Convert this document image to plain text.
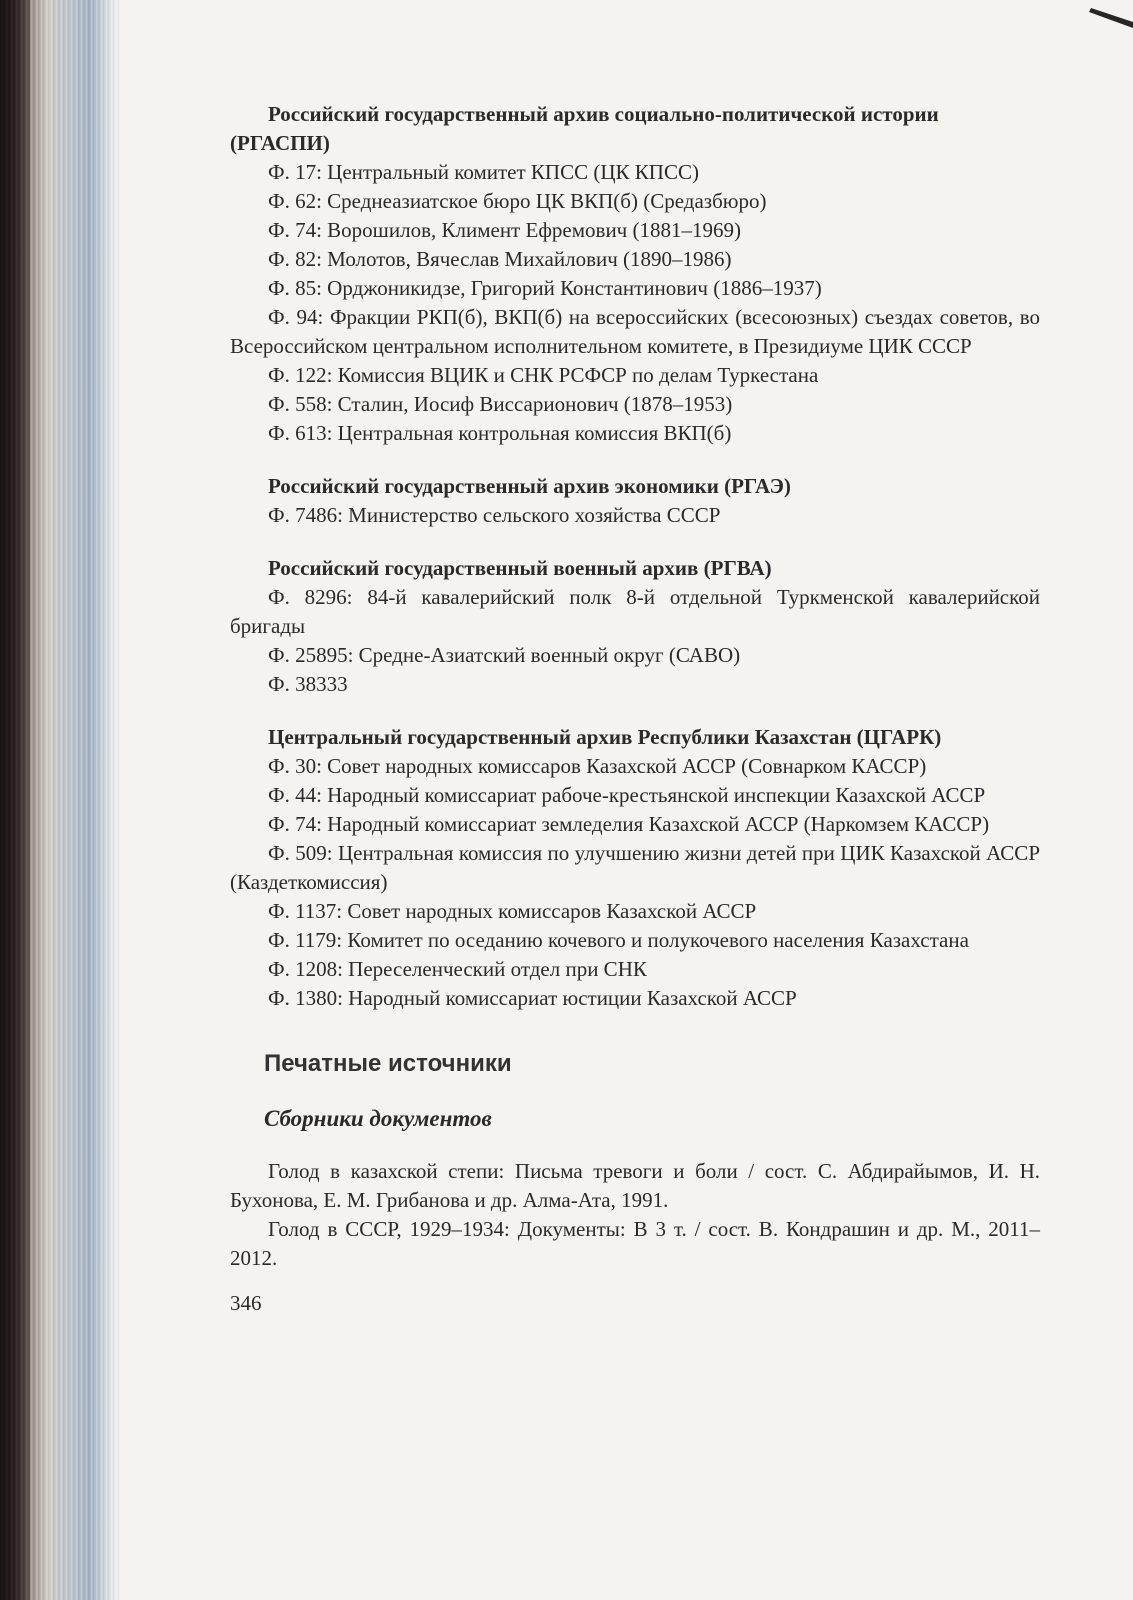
Российский государственный архив социально-политической истории (РГАСПИ)
Ф. 17: Центральный комитет КПСС (ЦК КПСС)
Ф. 62: Среднеазиатское бюро ЦК ВКП(б) (Средазбюро)
Ф. 74: Ворошилов, Климент Ефремович (1881–1969)
Ф. 82: Молотов, Вячеслав Михайлович (1890–1986)
Ф. 85: Орджоникидзе, Григорий Константинович (1886–1937)
Ф. 94: Фракции РКП(б), ВКП(б) на всероссийских (всесоюзных) съездах советов, во Всероссийском центральном исполнительном комитете, в Президиуме ЦИК СССР
Ф. 122: Комиссия ВЦИК и СНК РСФСР по делам Туркестана
Ф. 558: Сталин, Иосиф Виссарионович (1878–1953)
Ф. 613: Центральная контрольная комиссия ВКП(б)
Российский государственный архив экономики (РГАЭ)
Ф. 7486: Министерство сельского хозяйства СССР
Российский государственный военный архив (РГВА)
Ф. 8296: 84-й кавалерийский полк 8-й отдельной Туркменской кавалерийской бригады
Ф. 25895: Средне-Азиатский военный округ (САВО)
Ф. 38333
Центральный государственный архив Республики Казахстан (ЦГАРК)
Ф. 30: Совет народных комиссаров Казахской АССР (Совнарком КАССР)
Ф. 44: Народный комиссариат рабоче-крестьянской инспекции Казахской АССР
Ф. 74: Народный комиссариат земледелия Казахской АССР (Наркомзем КАССР)
Ф. 509: Центральная комиссия по улучшению жизни детей при ЦИК Казахской АССР (Каздеткомиссия)
Ф. 1137: Совет народных комиссаров Казахской АССР
Ф. 1179: Комитет по оседанию кочевого и полукочевого населения Казахстана
Ф. 1208: Переселенческий отдел при СНК
Ф. 1380: Народный комиссариат юстиции Казахской АССР
Печатные источники
Сборники документов
Голод в казахской степи: Письма тревоги и боли / сост. С. Абдирайымов, И. Н. Бухонова, Е. М. Грибанова и др. Алма-Ата, 1991.
Голод в СССР, 1929–1934: Документы: В 3 т. / сост. В. Кондрашин и др. М., 2011–2012.
346
